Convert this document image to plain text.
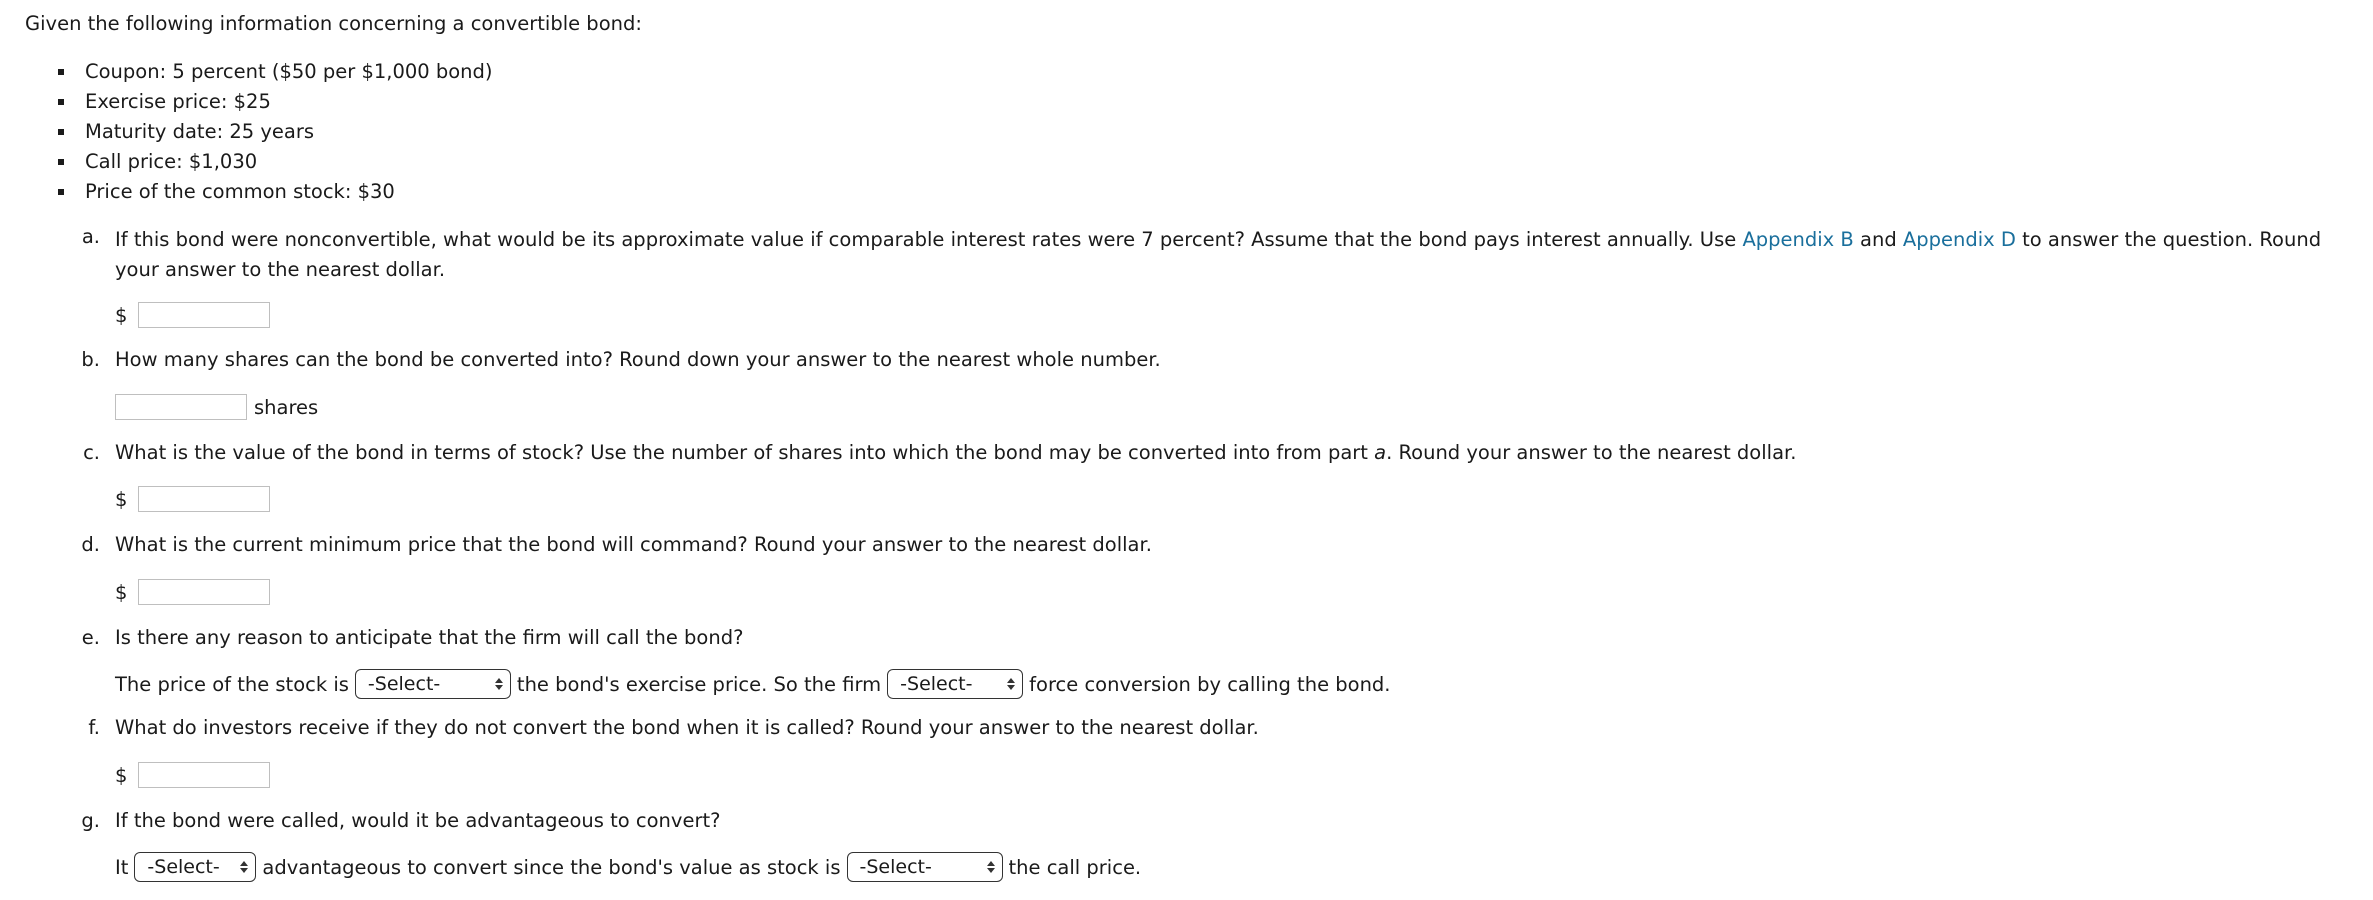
Given the following information concerning a convertible bond:
Coupon: 5 percent ($50 per $1,000 bond)
Exercise price: $25
Maturity date: 25 years
Call price: $1,030
Price of the common stock: $30
a. If this bond were nonconvertible, what would be its approximate value if comparable interest rates were 7 percent? Assume that the bond pays interest annually. Use Appendix B and Appendix D to answer the question. Round your answer to the nearest dollar.
$
b. How many shares can the bond be converted into? Round down your answer to the nearest whole number.
shares
c. What is the value of the bond in terms of stock? Use the number of shares into which the bond may be converted into from part a. Round your answer to the nearest dollar.
$
d. What is the current minimum price that the bond will command? Round your answer to the nearest dollar.
$
e. Is there any reason to anticipate that the firm will call the bond?
The price of the stock is -Select-	the bond's exercise price. So the firm -Select-	force conversion by calling the bond.
f. What do investors receive if they do not convert the bond when it is called? Round your answer to the nearest dollar.
$
g. If the bond were called, would it be advantageous to convert?
It -Select- advantageous to convert since the bond's value as stock is -Select-	the call price.
